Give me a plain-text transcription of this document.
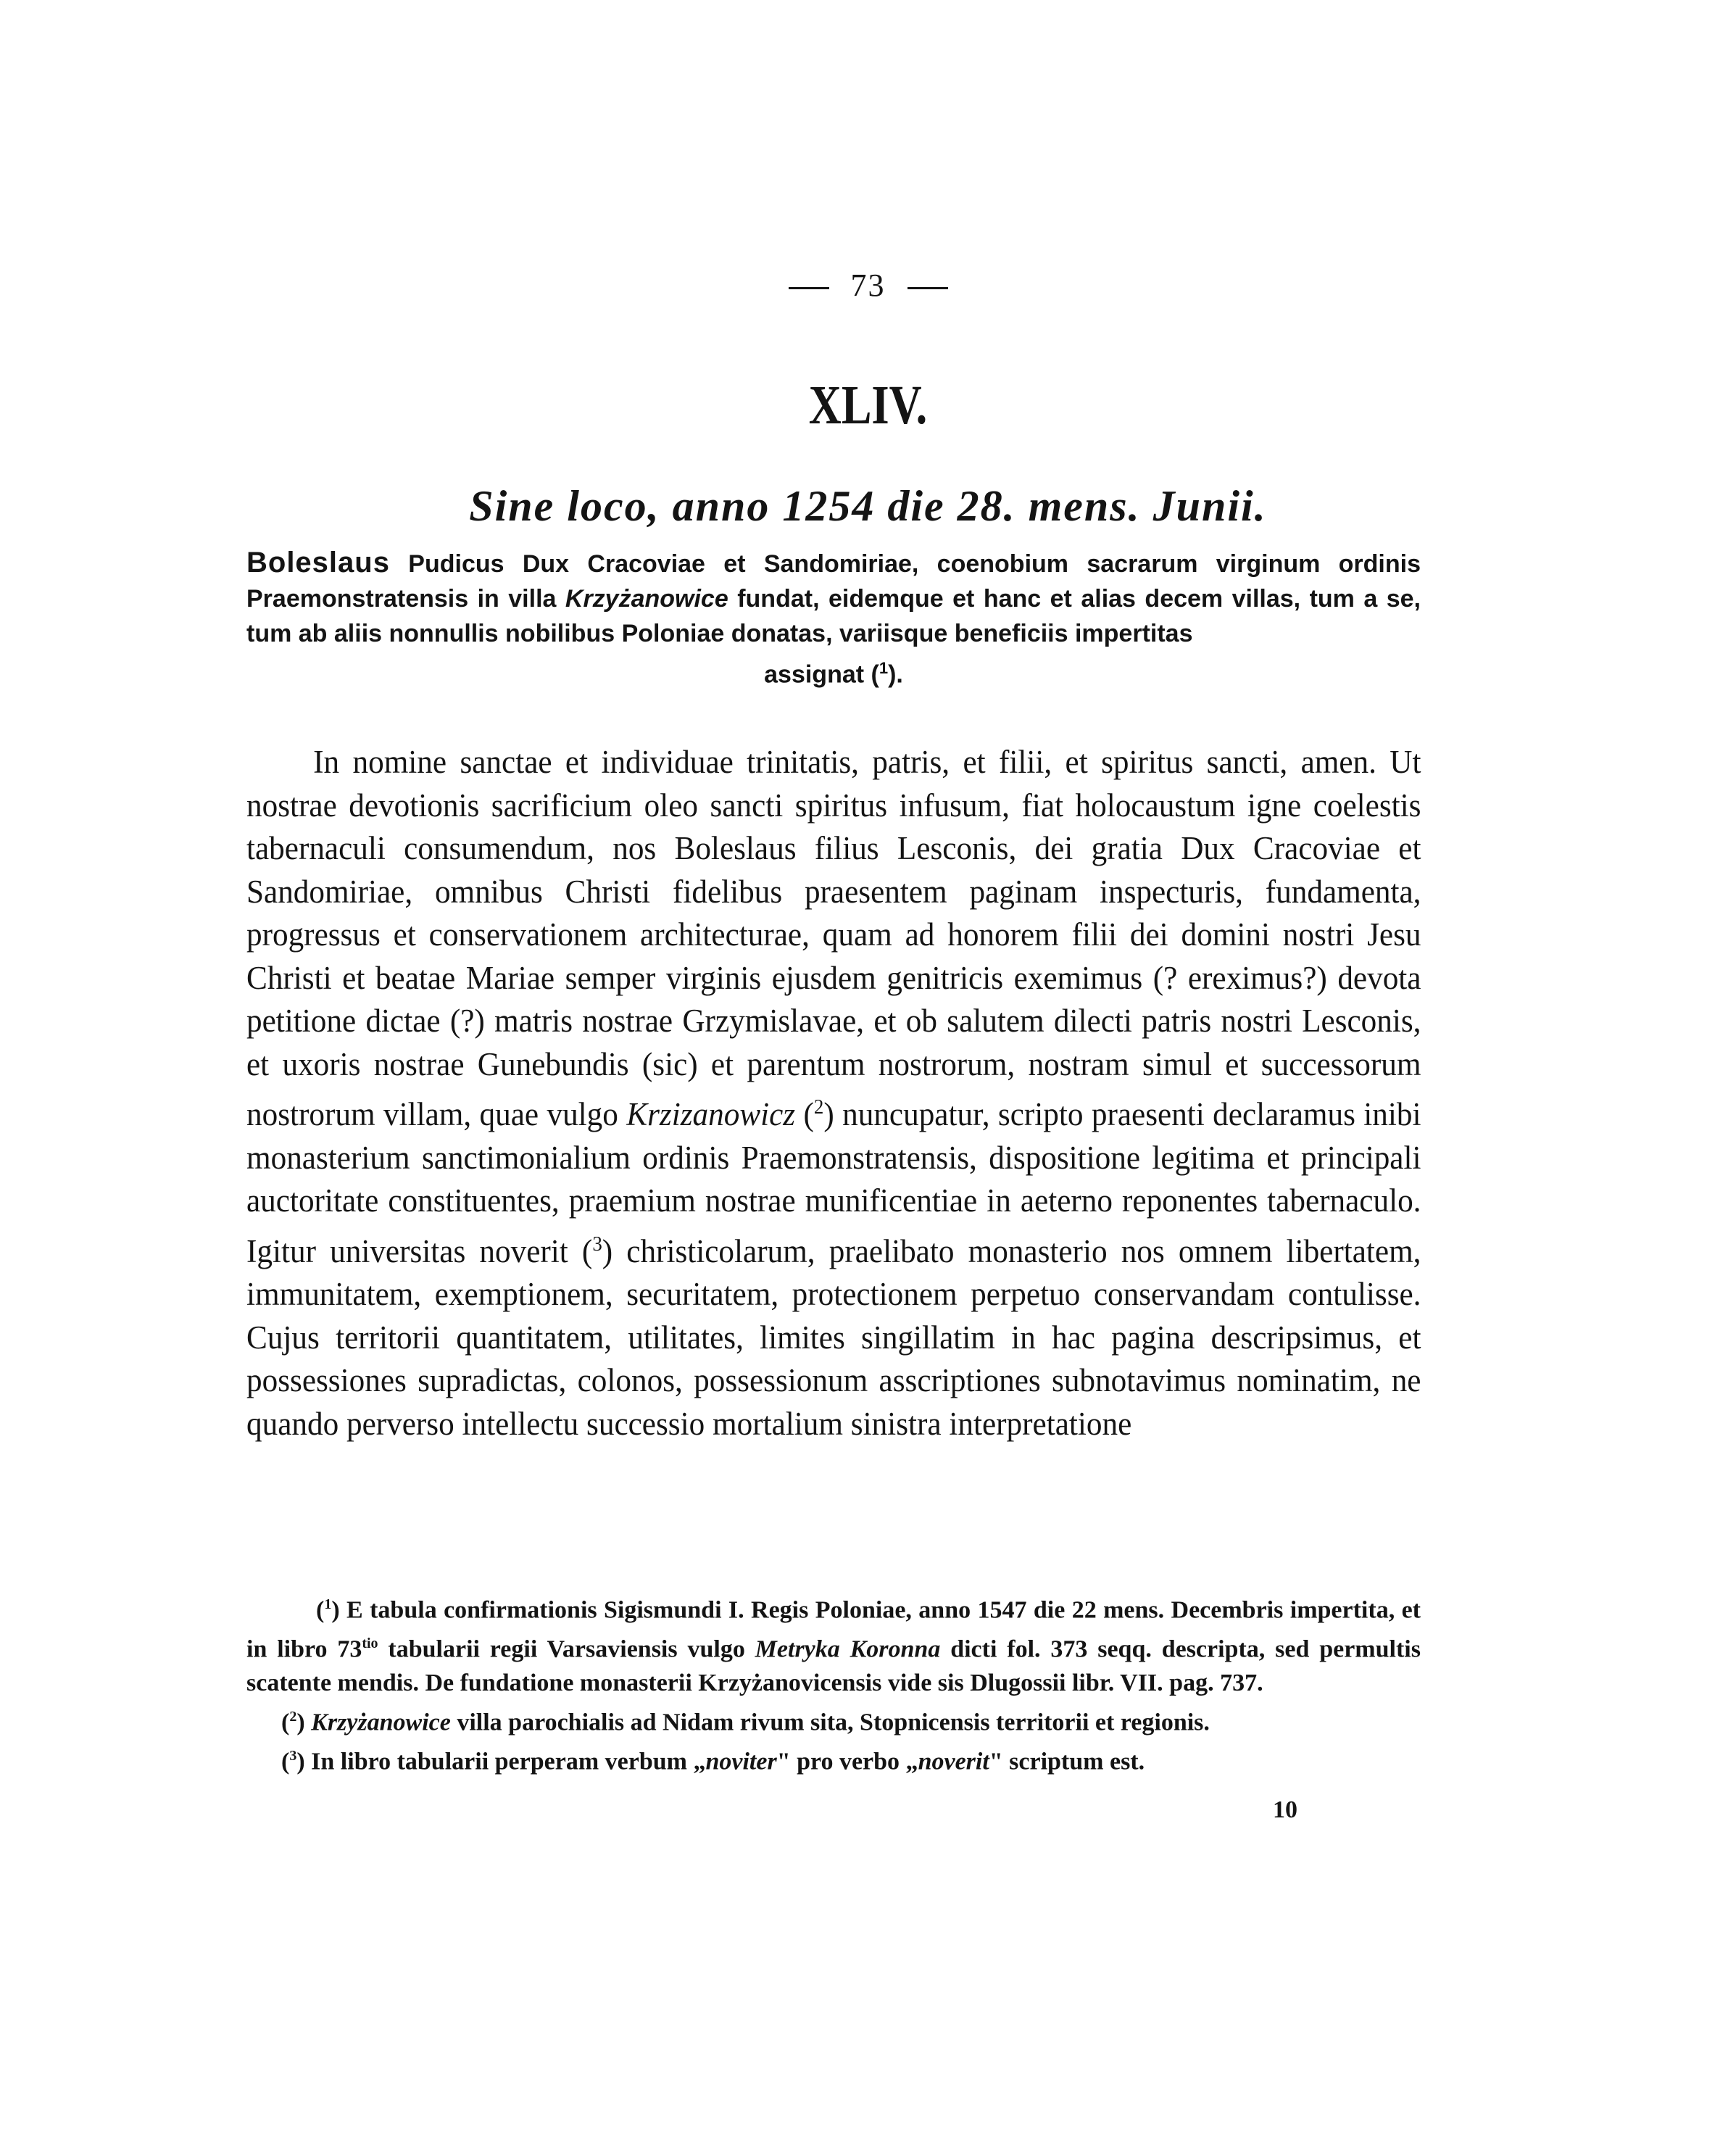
73
XLIV.
Sine loco, anno 1254 die 28. mens. Junii.
Boleslaus Pudicus Dux Cracoviae et Sandomiriae, coenobium sacrarum virginum ordinis Praemonstratensis in villa Krzyżanowice fundat, eidemque et hanc et alias decem villas, tum a se, tum ab aliis nonnullis nobilibus Poloniae donatas, variisque beneficiis impertitas
assignat ($^1$).
In nomine sanctae et individuae trinitatis, patris, et filii, et spiritus sancti, amen. Ut nostrae devotionis sacrificium oleo sancti spiritus infusum, fiat holocaustum igne coelestis tabernaculi consumendum, nos Boleslaus filius Lesconis, dei gratia Dux Cracoviae et Sandomiriae, omnibus Christi fidelibus praesentem paginam inspecturis, fundamenta, progressus et conservationem architecturae, quam ad honorem filii dei domini nostri Jesu Christi et beatae Mariae semper virginis ejusdem genitricis exemimus (? ereximus?) devota petitione dictae (?) matris nostrae Grzymislavae, et ob salutem dilecti patris nostri Lesconis, et uxoris nostrae Gunebundis (sic) et parentum nostrorum, nostram simul et successorum nostrorum villam, quae vulgo Krzizanowicz ($^2$) nuncupatur, scripto praesenti declaramus inibi monasterium sanctimonialium ordinis Praemonstratensis, dispositione legitima et principali auctoritate constituentes, praemium nostrae munificentiae in aeterno reponentes tabernaculo. Igitur universitas noverit ($^3$) christicolarum, praelibato monasterio nos omnem libertatem, immunitatem, exemptionem, securitatem, protectionem perpetuo conservandam contulisse. Cujus territorii quantitatem, utilitates, limites singillatim in hac pagina descripsimus, et possessiones supradictas, colonos, possessionum asscriptiones subnotavimus nominatim, ne quando perverso intellectu successio mortalium sinistra interpretatione

($^1$) E tabula confirmationis Sigismundi I. Regis Poloniae, anno 1547 die 22 mens. Decembris impertita, et in libro $73^{tio}$ tabularii regii Varsaviensis vulgo Metryka Koronna dicti fol. 373 seqq. descripta, sed permultis scatente mendis. De fundatione monasterii Krzyżanovicensis vide sis Dlugossii libr. VII. pag. 737.

($^2$) Krzyżanowice villa parochialis ad Nidam rivum sita, Stopnicensis territorii et regionis.

($^3$) In libro tabularii perperam verbum „noviter" pro verbo „noverit" scriptum est.

10
